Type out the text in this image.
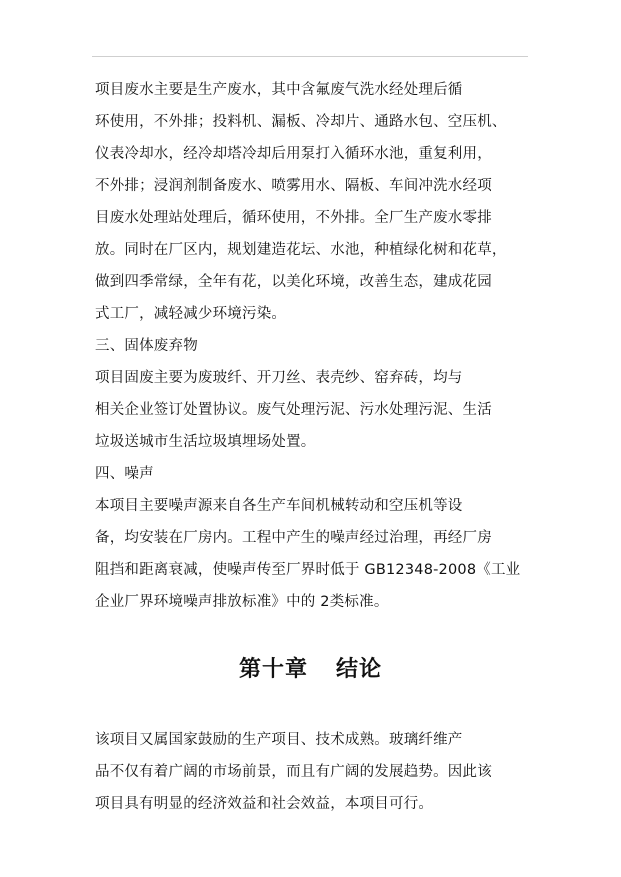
项目废水主要是生产废水，其中含氟废气洗水经处理后循
环使用，不外排；投料机、漏板、冷却片、通路水包、空压机、
仪表冷却水，经冷却塔冷却后用泵打入循环水池，重复利用，
不外排；浸润剂制备废水、喷雾用水、隔板、车间冲洗水经项
目废水处理站处理后，循环使用，不外排。全厂生产废水零排
放。同时在厂区内，规划建造花坛、水池，种植绿化树和花草，
做到四季常绿，全年有花，以美化环境，改善生态，建成花园
式工厂，减轻减少环境污染。
三、固体废弃物
项目固废主要为废玻纤、开刀丝、表壳纱、窑弃砖，均与
相关企业签订处置协议。废气处理污泥、污水处理污泥、生活
垃圾送城市生活垃圾填埋场处置。
四、噪声
本项目主要噪声源来自各生产车间机械转动和空压机等设
备，均安装在厂房内。工程中产生的噪声经过治理，再经厂房
阻挡和距离衰减，使噪声传至厂界时低于 GB12348-2008《工业
企业厂界环境噪声排放标准》中的 2类标准。
第十章 结论
该项目又属国家鼓励的生产项目、技术成熟。玻璃纤维产
品不仅有着广阔的市场前景，而且有广阔的发展趋势。因此该
项目具有明显的经济效益和社会效益，本项目可行。
